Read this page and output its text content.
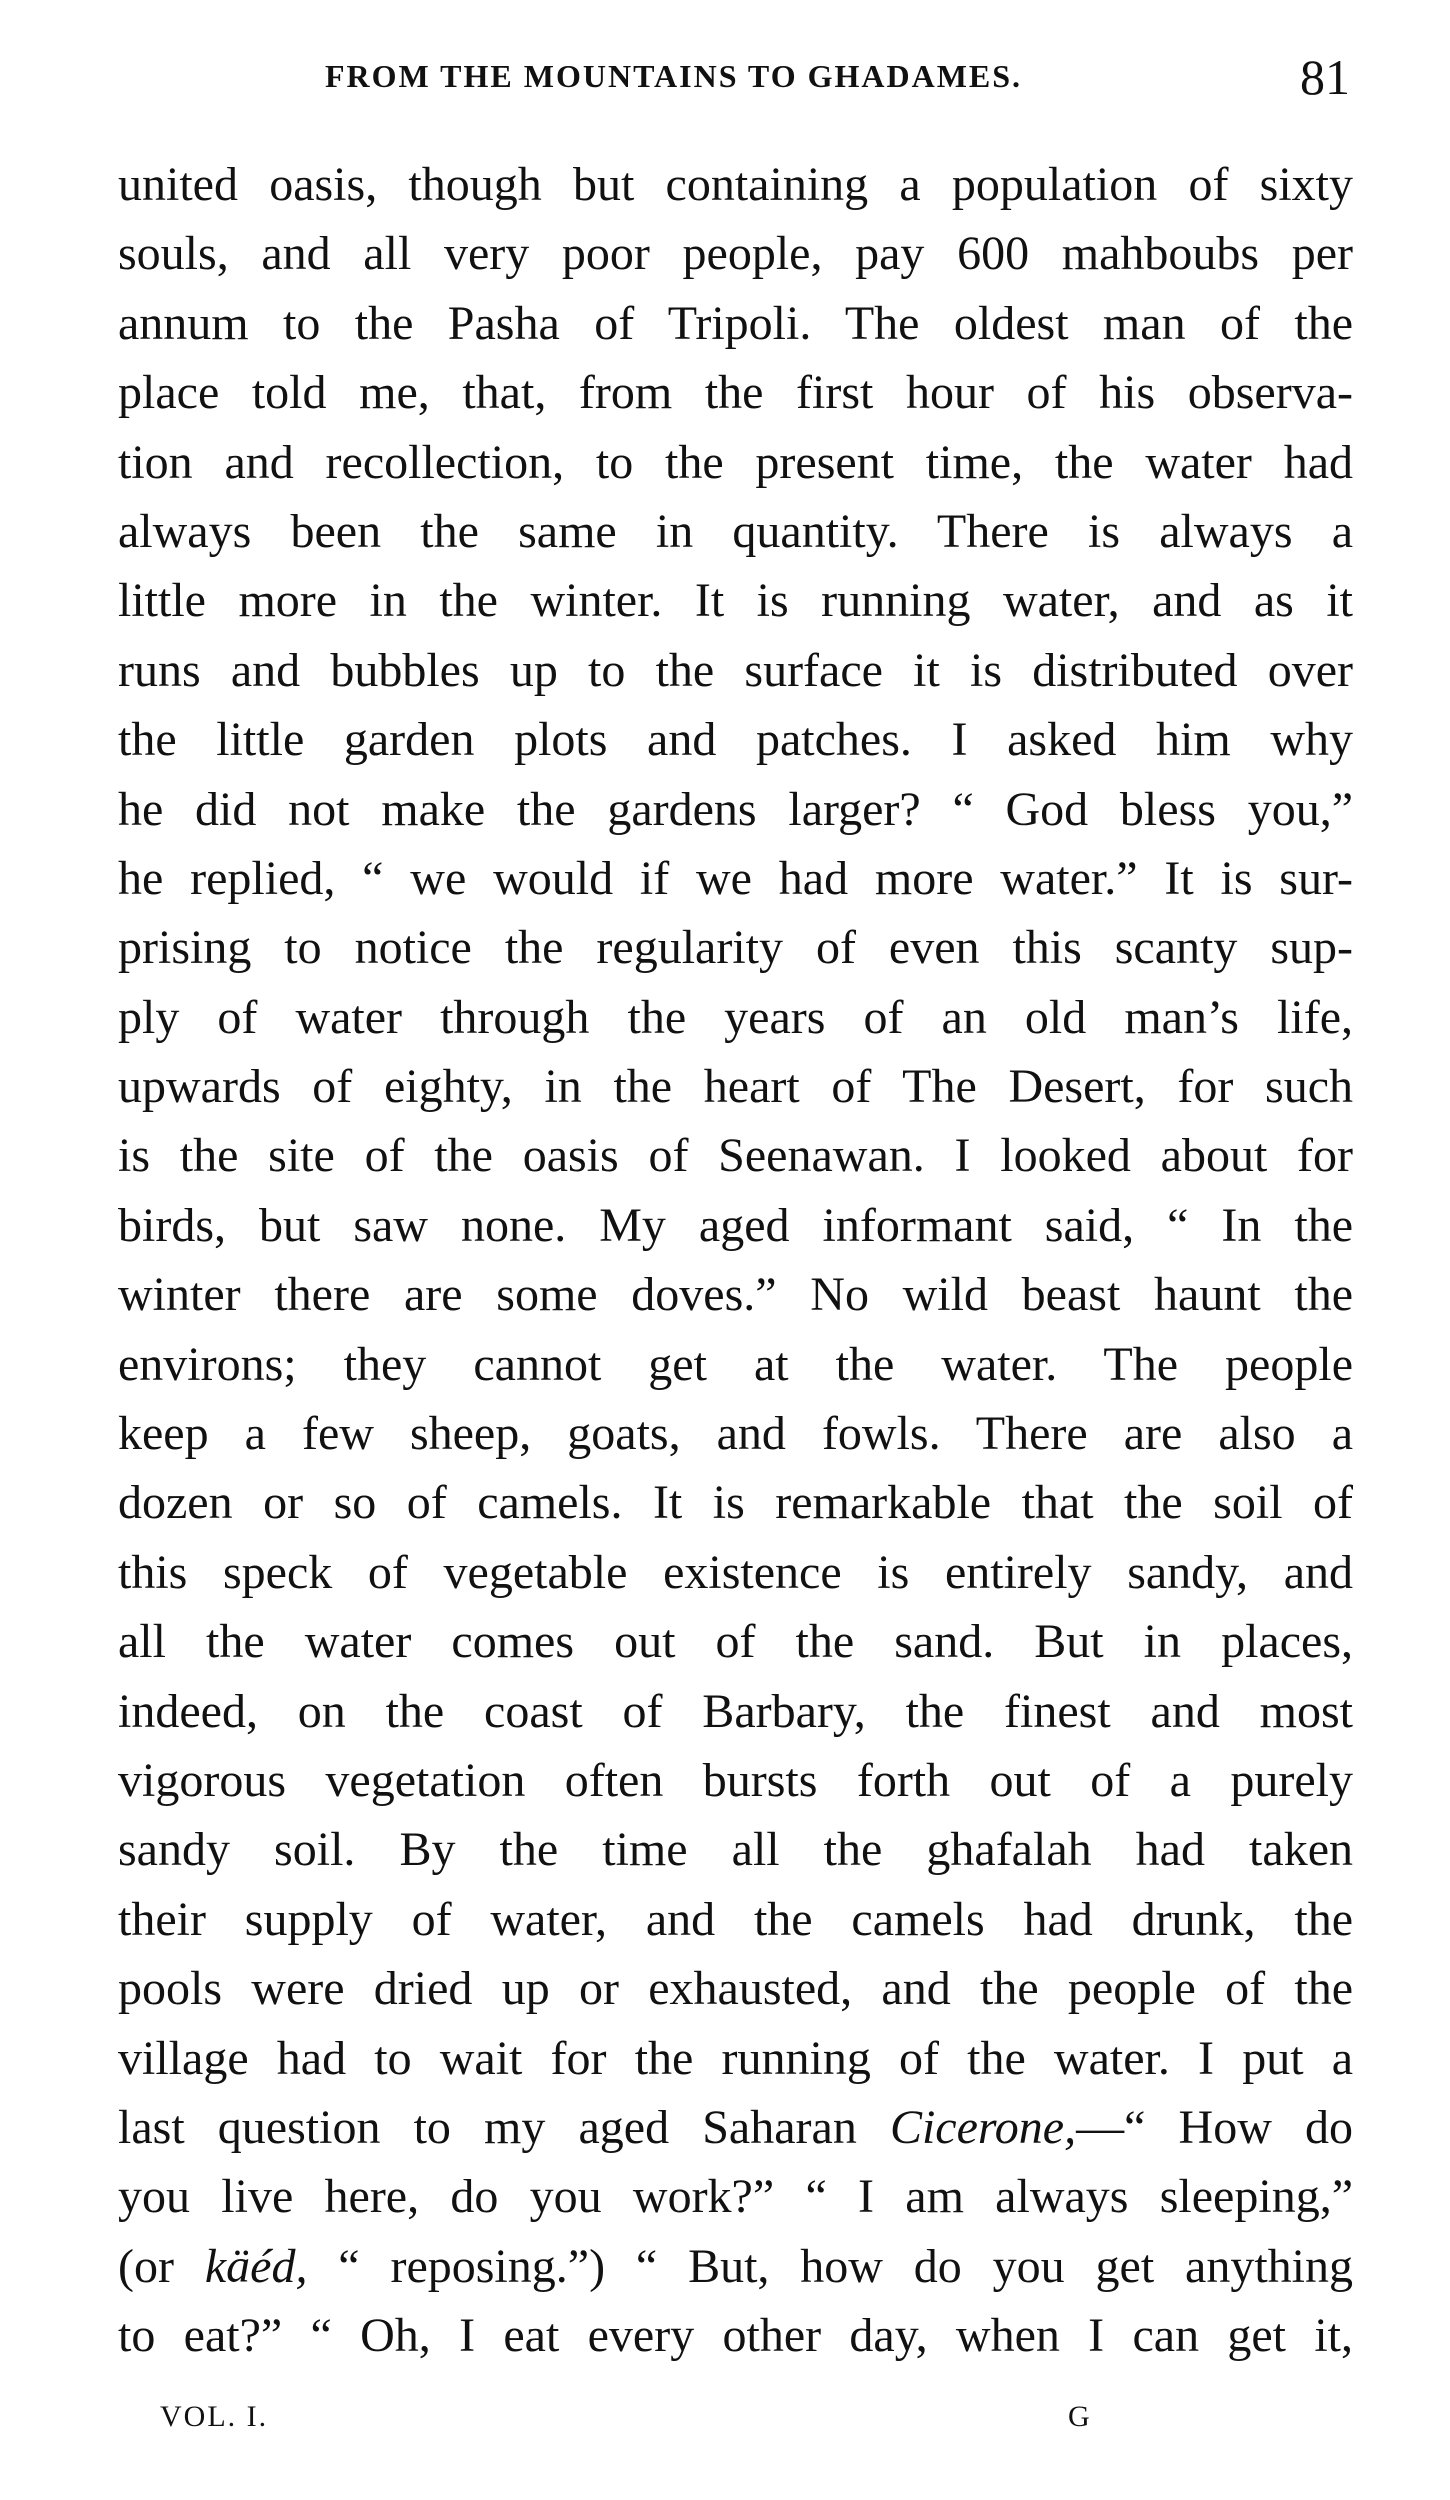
FROM THE MOUNTAINS TO GHADAMES.	81
united oasis, though but containing a population of sixty
souls, and all very poor people, pay 600 mahboubs per
annum to the Pasha of Tripoli. The oldest man of the
place told me, that, from the first hour of his observa-
tion and recollection, to the present time, the water had
always been the same in quantity. There is always a
little more in the winter. It is running water, and as it
runs and bubbles up to the surface it is distributed over
the little garden plots and patches. I asked him why
he did not make the gardens larger? “ God bless you,”
he replied, “ we would if we had more water.” It is sur-
prising to notice the regularity of even this scanty sup-
ply of water through the years of an old man’s life,
upwards of eighty, in the heart of The Desert, for such
is the site of the oasis of Seenawan. I looked about for
birds, but saw none. My aged informant said, “ In the
winter there are some doves.” No wild beast haunt the
environs; they cannot get at the water. The people
keep a few sheep, goats, and fowls. There are also a
dozen or so of camels. It is remarkable that the soil of
this speck of vegetable existence is entirely sandy, and
all the water comes out of the sand. But in places,
indeed, on the coast of Barbary, the finest and most
vigorous vegetation often bursts forth out of a purely
sandy soil. By the time all the ghafalah had taken
their supply of water, and the camels had drunk, the
pools were dried up or exhausted, and the people of the
village had to wait for the running of the water. I put a
last question to my aged Saharan Cicerone,—“ How do
you live here, do you work?” “ I am always sleeping,”
(or käéd, “ reposing.”) “ But, how do you get anything
to eat?” “ Oh, I eat every other day, when I can get it,
VOL. I.	G
